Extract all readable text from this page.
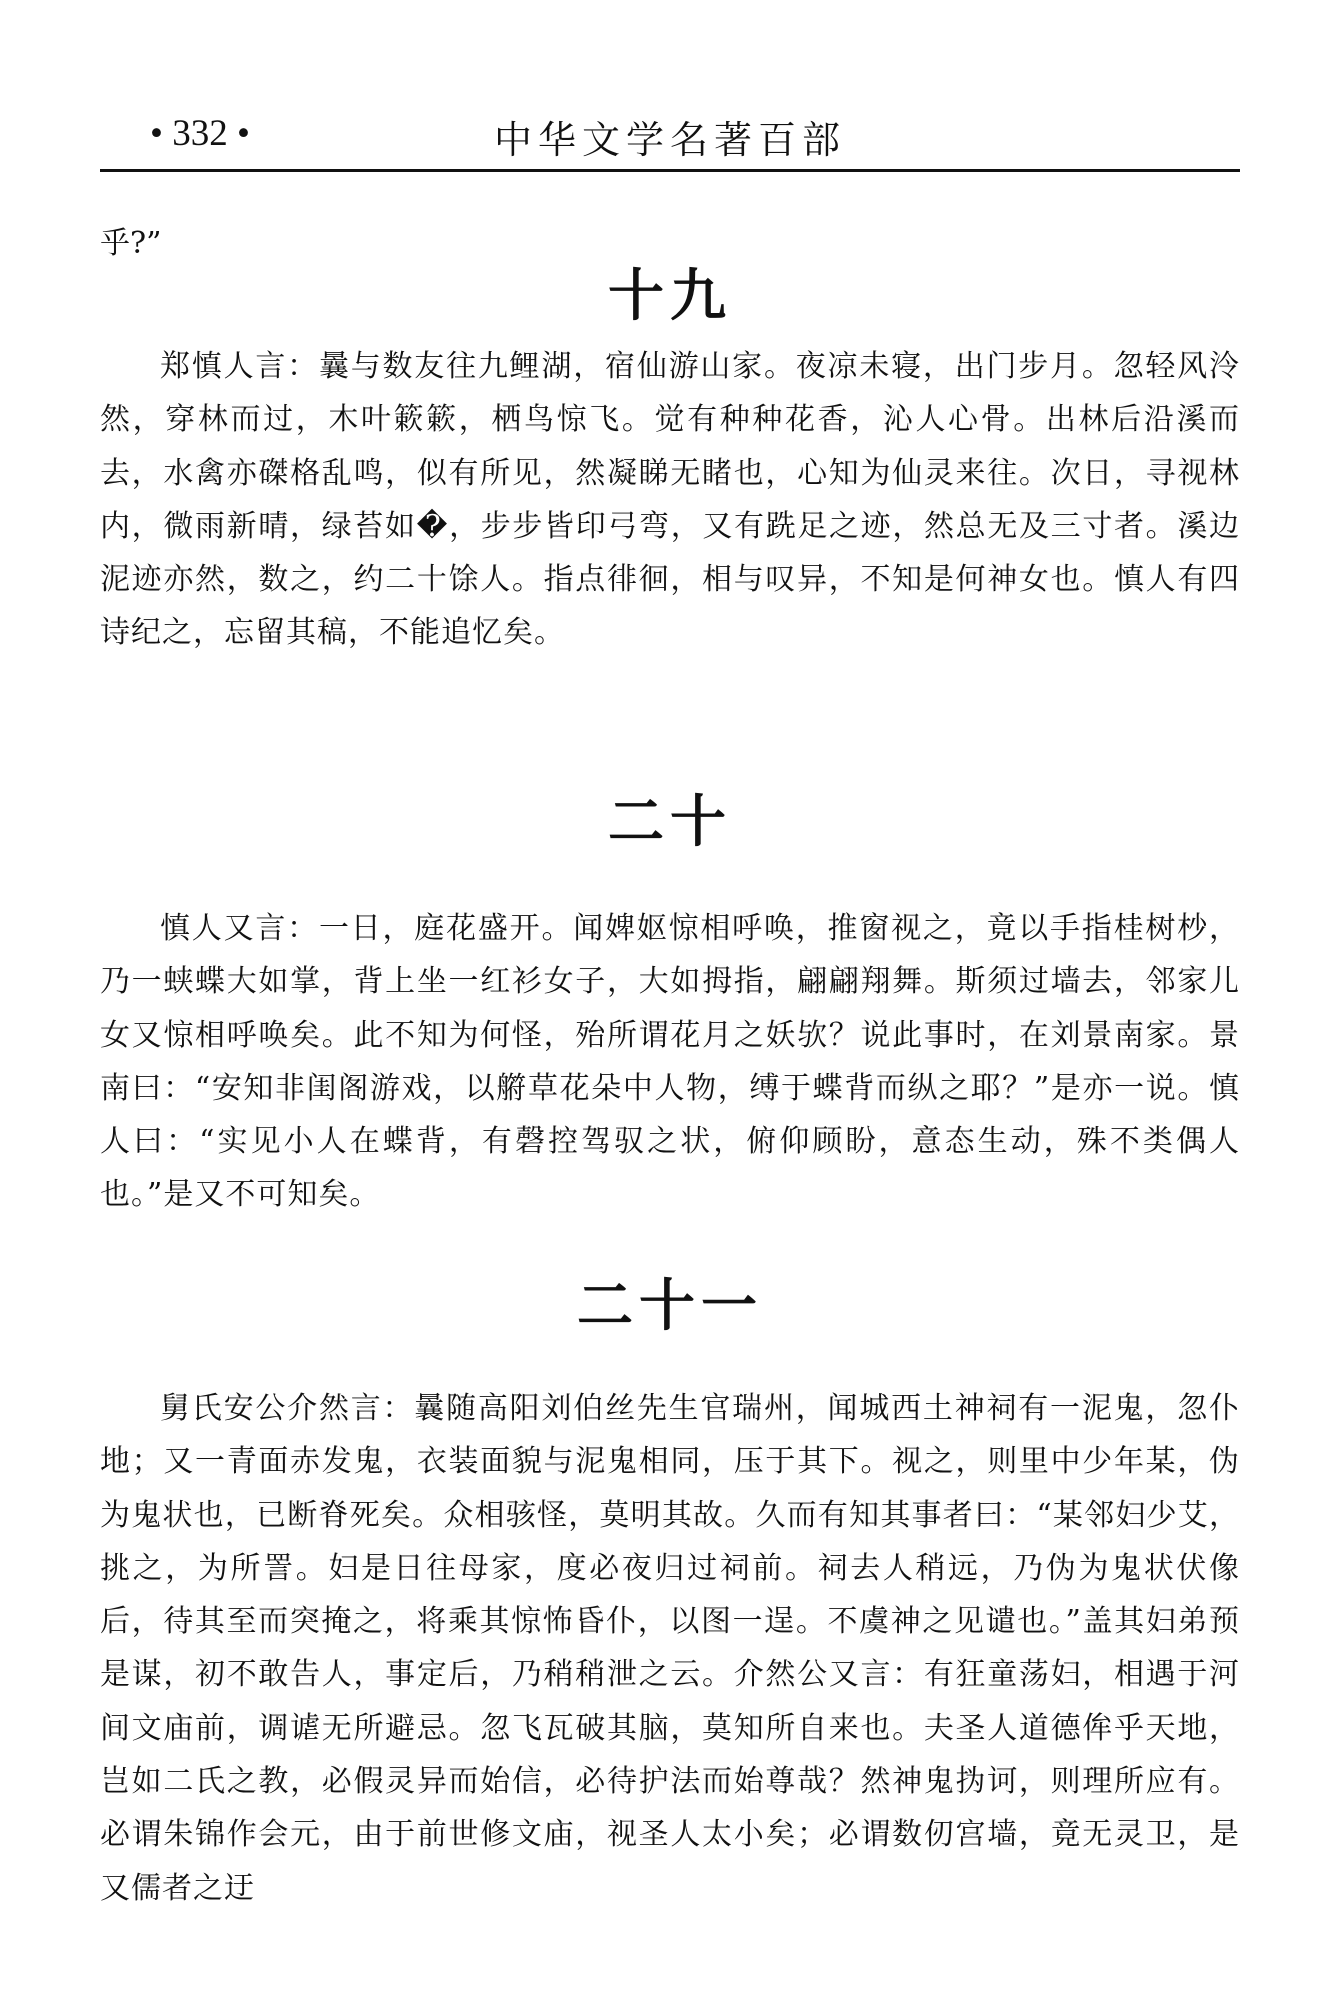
• 332 •	中华文学名著百部
乎?”
十九

郑慎人言：曩与数友往九鲤湖，宿仙游山家。夜凉未寝，出门步月。忽轻风泠然，穿林而过，木叶簌簌，栖鸟惊飞。觉有种种花香，沁人心骨。出林后沿溪而去，水禽亦磔格乱鸣，似有所见，然凝睇无睹也，心知为仙灵来往。次日，寻视林内，微雨新晴，绿苔如�，步步皆印弓弯，又有跣足之迹，然总无及三寸者。溪边泥迹亦然，数之，约二十馀人。指点徘徊，相与叹异，不知是何神女也。慎人有四诗纪之，忘留其稿，不能追忆矣。

二十

慎人又言：一日，庭花盛开。闻婢妪惊相呼唤，推窗视之，竟以手指桂树杪，乃一蛱蝶大如掌，背上坐一红衫女子，大如拇指，翩翩翔舞。斯须过墙去，邻家儿女又惊相呼唤矣。此不知为何怪，殆所谓花月之妖欤？说此事时，在刘景南家。景南曰：“安知非闺阁游戏，以䒀草花朵中人物，缚于蝶背而纵之耶？”是亦一说。慎人曰：“实见小人在蝶背，有磬控驾驭之状，俯仰顾盼，意态生动，殊不类偶人也。”是又不可知矣。

二十一

舅氏安公介然言：曩随高阳刘伯丝先生官瑞州，闻城西土神祠有一泥鬼，忽仆地；又一青面赤发鬼，衣装面貌与泥鬼相同，压于其下。视之，则里中少年某，伪为鬼状也，已断脊死矣。众相骇怪，莫明其故。久而有知其事者曰：“某邻妇少艾，挑之，为所詈。妇是日往母家，度必夜归过祠前。祠去人稍远，乃伪为鬼状伏像后，待其至而突掩之，将乘其惊怖昏仆，以图一逞。不虞神之见谴也。”盖其妇弟预是谋，初不敢告人，事定后，乃稍稍泄之云。介然公又言：有狂童荡妇，相遇于河间文庙前，调谑无所避忌。忽飞瓦破其脑，莫知所自来也。夫圣人道德侔乎天地，岂如二氏之教，必假灵异而始信，必待护法而始尊哉？然神鬼㧑诃，则理所应有。必谓朱锦作会元，由于前世修文庙，视圣人太小矣；必谓数仞宫墙，竟无灵卫，是又儒者之迂
